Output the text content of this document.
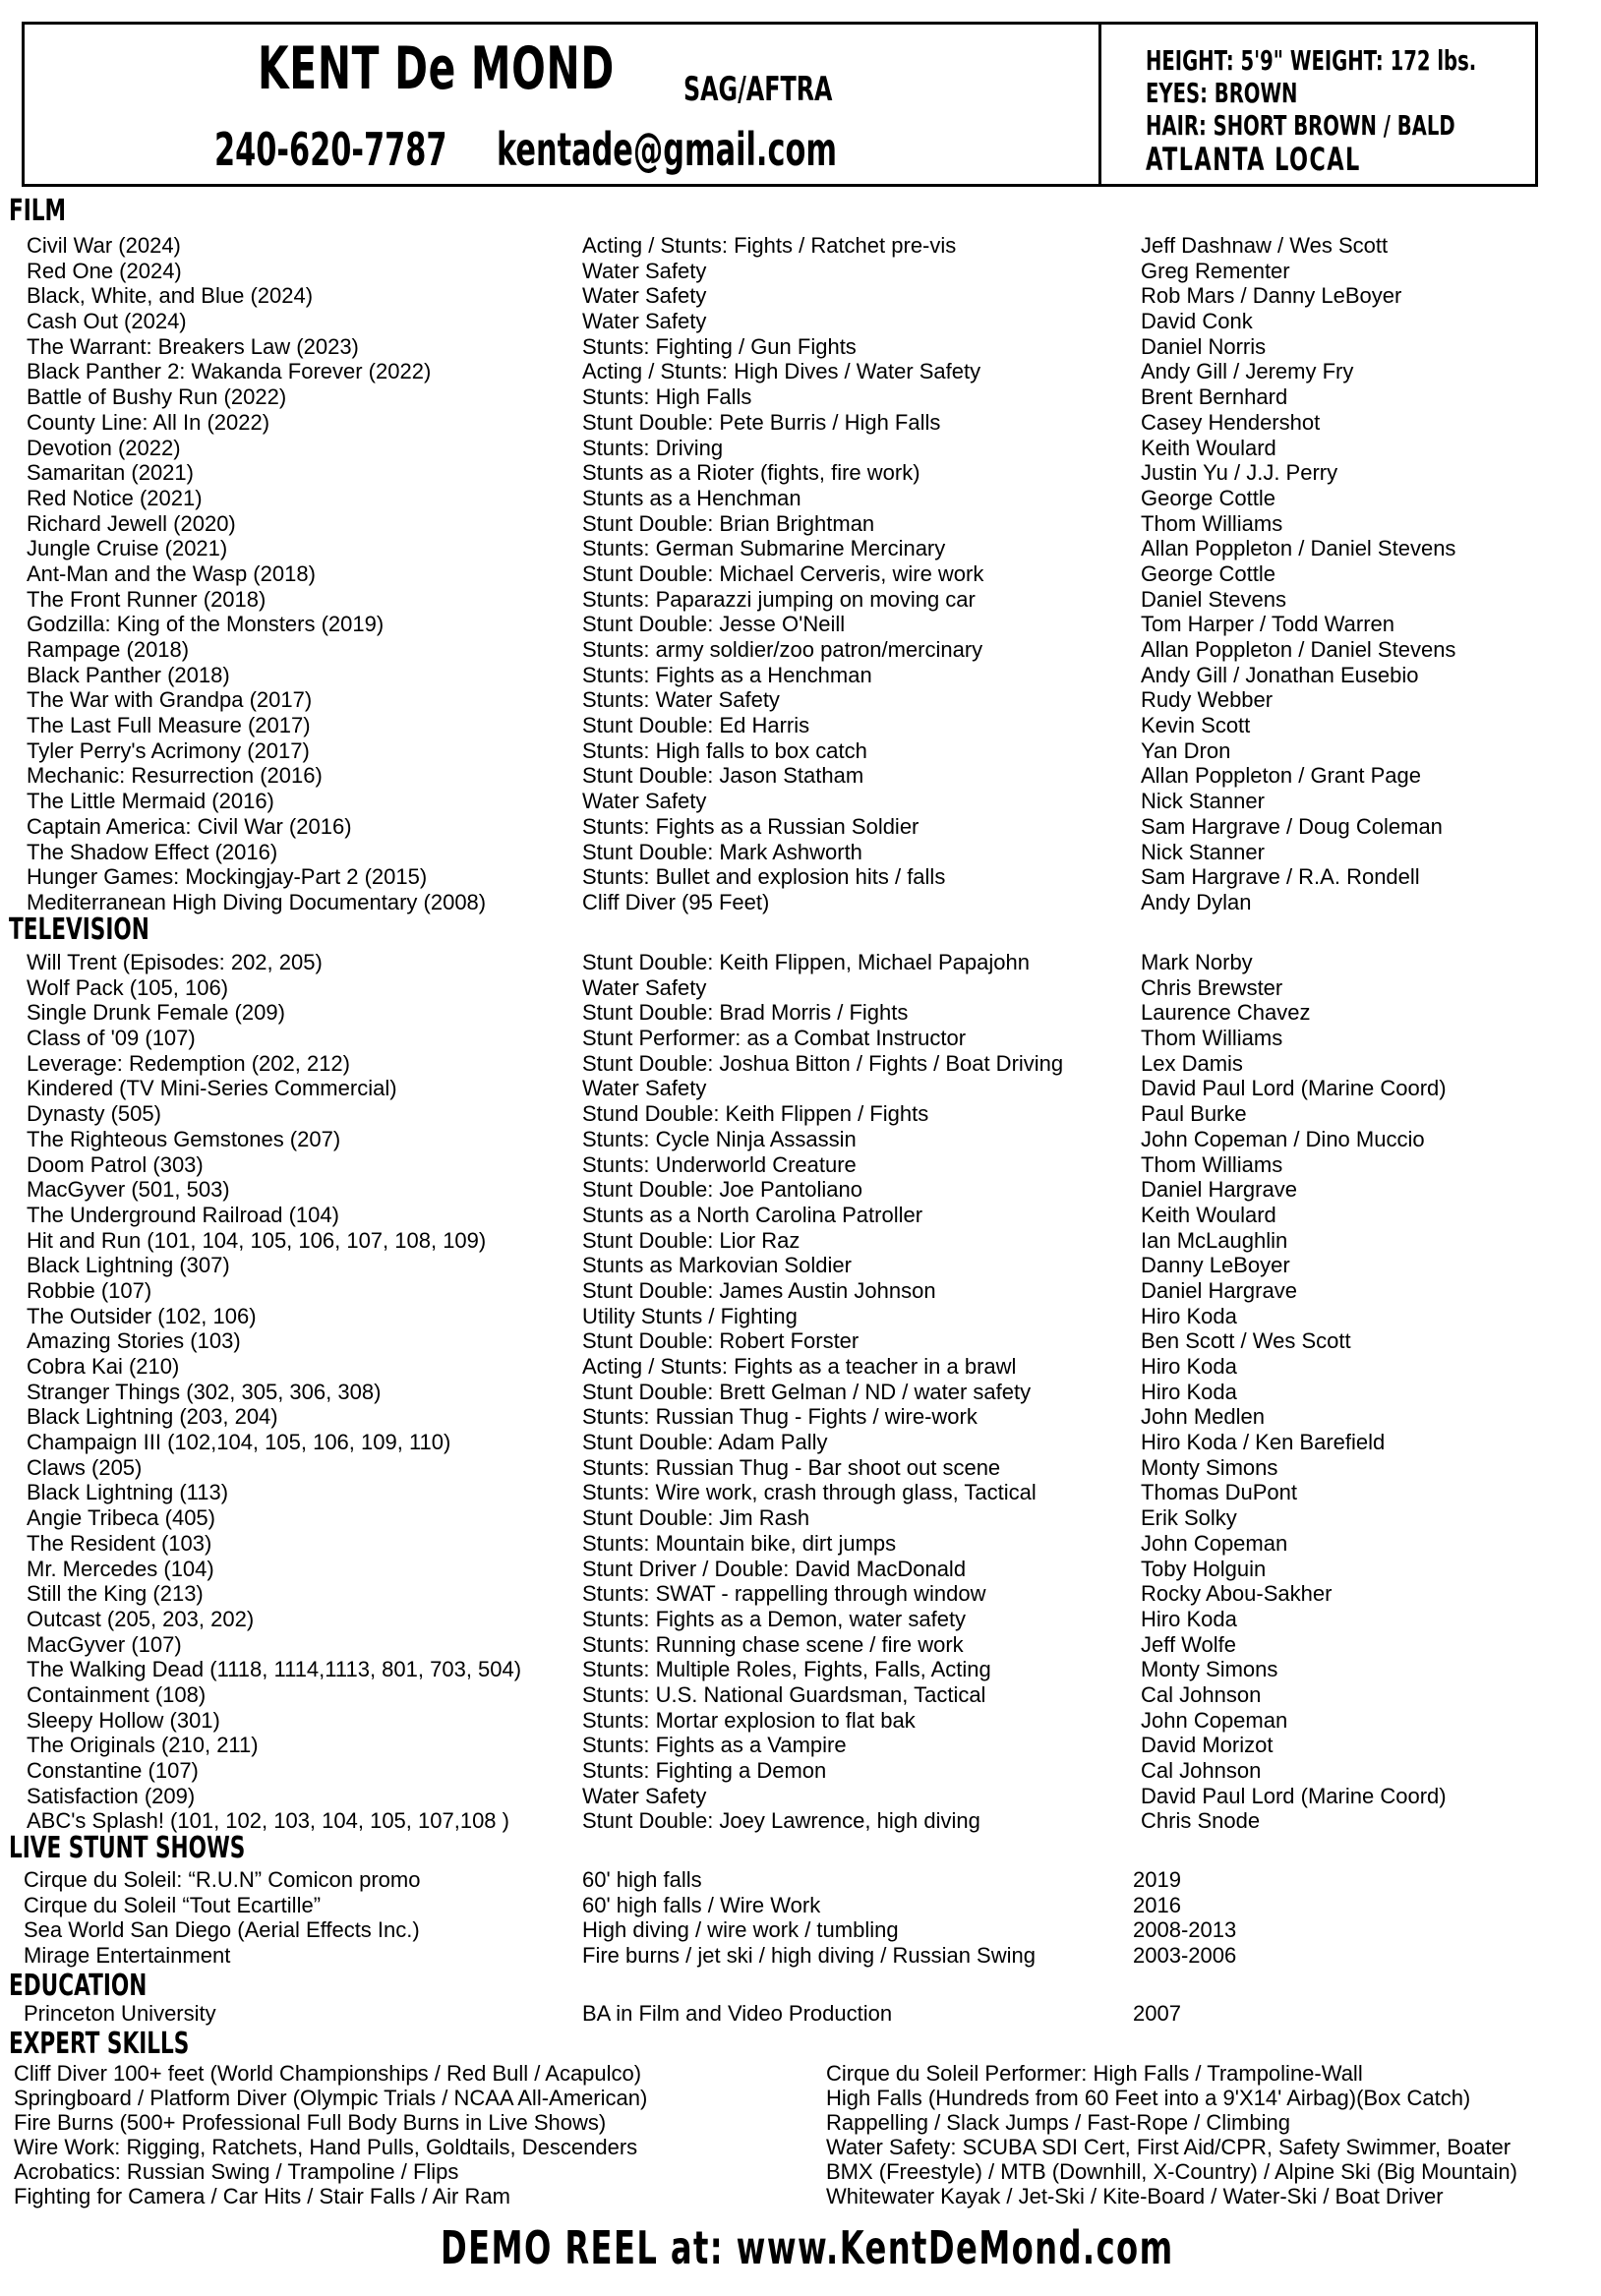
KENT De MOND SAG/AFTRA
240-620-7787 kentade@gmail.com
HEIGHT: 5'9" WEIGHT: 172 lbs.
EYES: BROWN
HAIR: SHORT BROWN / BALD
ATLANTA LOCAL
FILM
Civil War (2024)	Acting / Stunts: Fights / Ratchet pre-vis	Jeff Dashnaw / Wes Scott
Red One (2024)	Water Safety	Greg Rementer
Black, White, and Blue (2024)	Water Safety	Rob Mars / Danny LeBoyer
Cash Out (2024)	Water Safety	David Conk
The Warrant: Breakers Law (2023)	Stunts: Fighting / Gun Fights	Daniel Norris
Black Panther 2: Wakanda Forever (2022)	Acting / Stunts: High Dives / Water Safety	Andy Gill / Jeremy Fry
Battle of Bushy Run (2022)	Stunts: High Falls	Brent Bernhard
County Line: All In (2022)	Stunt Double: Pete Burris / High Falls	Casey Hendershot
Devotion (2022)	Stunts: Driving	Keith Woulard
Samaritan (2021)	Stunts as a Rioter (fights, fire work)	Justin Yu / J.J. Perry
Red Notice (2021)	Stunts as a Henchman	George Cottle
Richard Jewell (2020)	Stunt Double: Brian Brightman	Thom Williams
Jungle Cruise (2021)	Stunts: German Submarine Mercinary	Allan Poppleton / Daniel Stevens
Ant-Man and the Wasp (2018)	Stunt Double: Michael Cerveris, wire work	George Cottle
The Front Runner (2018)	Stunts: Paparazzi jumping on moving car	Daniel Stevens
Godzilla: King of the Monsters (2019)	Stunt Double: Jesse O'Neill	Tom Harper / Todd Warren
Rampage (2018)	Stunts: army soldier/zoo patron/mercinary	Allan Poppleton / Daniel Stevens
Black Panther (2018)	Stunts: Fights as a Henchman	Andy Gill / Jonathan Eusebio
The War with Grandpa (2017)	Stunts: Water Safety	Rudy Webber
The Last Full Measure (2017)	Stunt Double: Ed Harris	Kevin Scott
Tyler Perry's Acrimony (2017)	Stunts: High falls to box catch	Yan Dron
Mechanic: Resurrection (2016)	Stunt Double: Jason Statham	Allan Poppleton / Grant Page
The Little Mermaid (2016)	Water Safety	Nick Stanner
Captain America: Civil War (2016)	Stunts: Fights as a Russian Soldier	Sam Hargrave / Doug Coleman
The Shadow Effect (2016)	Stunt Double: Mark Ashworth	Nick Stanner
Hunger Games: Mockingjay-Part 2 (2015)	Stunts: Bullet and explosion hits / falls	Sam Hargrave / R.A. Rondell
Mediterranean High Diving Documentary (2008)	Cliff Diver (95 Feet)	Andy Dylan
TELEVISION
Will Trent (Episodes: 202, 205)	Stunt Double: Keith Flippen, Michael Papajohn	Mark Norby
Wolf Pack (105, 106)	Water Safety	Chris Brewster
Single Drunk Female (209)	Stunt Double: Brad Morris / Fights	Laurence Chavez
Class of '09 (107)	Stunt Performer: as a Combat Instructor	Thom Williams
Leverage: Redemption (202, 212)	Stunt Double: Joshua Bitton / Fights / Boat Driving	Lex Damis
Kindered (TV Mini-Series Commercial)	Water Safety	David Paul Lord (Marine Coord)
Dynasty (505)	Stund Double: Keith Flippen / Fights	Paul Burke
The Righteous Gemstones (207)	Stunts: Cycle Ninja Assassin	John Copeman / Dino Muccio
Doom Patrol (303)	Stunts: Underworld Creature	Thom Williams
MacGyver (501, 503)	Stunt Double: Joe Pantoliano	Daniel Hargrave
The Underground Railroad (104)	Stunts as a North Carolina Patroller	Keith Woulard
Hit and Run (101, 104, 105, 106, 107, 108, 109)	Stunt Double: Lior Raz	Ian McLaughlin
Black Lightning (307)	Stunts as Markovian Soldier	Danny LeBoyer
Robbie (107)	Stunt Double: James Austin Johnson	Daniel Hargrave
The Outsider (102, 106)	Utility Stunts / Fighting	Hiro Koda
Amazing Stories (103)	Stunt Double: Robert Forster	Ben Scott / Wes Scott
Cobra Kai (210)	Acting / Stunts: Fights as a teacher in a brawl	Hiro Koda
Stranger Things (302, 305, 306, 308)	Stunt Double: Brett Gelman / ND / water safety	Hiro Koda
Black Lightning (203, 204)	Stunts: Russian Thug - Fights / wire-work	John Medlen
Champaign III (102,104, 105, 106, 109, 110)	Stunt Double: Adam Pally	Hiro Koda / Ken Barefield
Claws (205)	Stunts: Russian Thug - Bar shoot out scene	Monty Simons
Black Lightning (113)	Stunts: Wire work, crash through glass, Tactical	Thomas DuPont
Angie Tribeca (405)	Stunt Double: Jim Rash	Erik Solky
The Resident (103)	Stunts: Mountain bike, dirt jumps	John Copeman
Mr. Mercedes (104)	Stunt Driver / Double: David MacDonald	Toby Holguin
Still the King (213)	Stunts: SWAT - rappelling through window	Rocky Abou-Sakher
Outcast (205, 203, 202)	Stunts: Fights as a Demon, water safety	Hiro Koda
MacGyver (107)	Stunts: Running chase scene / fire work	Jeff Wolfe
The Walking Dead (1118, 1114,1113, 801, 703, 504)	Stunts: Multiple Roles, Fights, Falls, Acting	Monty Simons
Containment (108)	Stunts: U.S. National Guardsman, Tactical	Cal Johnson
Sleepy Hollow (301)	Stunts: Mortar explosion to flat bak	John Copeman
The Originals (210, 211)	Stunts: Fights as a Vampire	David Morizot
Constantine (107)	Stunts: Fighting a Demon	Cal Johnson
Satisfaction (209)	Water Safety	David Paul Lord (Marine Coord)
ABC's Splash! (101, 102, 103, 104, 105, 107,108 )	Stunt Double: Joey Lawrence, high diving	Chris Snode
LIVE STUNT SHOWS
Cirque du Soleil: “R.U.N” Comicon promo	60' high falls	2019
Cirque du Soleil “Tout Ecartille”	60' high falls / Wire Work	2016
Sea World San Diego (Aerial Effects Inc.)	High diving / wire work / tumbling	2008-2013
Mirage Entertainment	Fire burns / jet ski / high diving / Russian Swing	2003-2006
EDUCATION
Princeton University	BA in Film and Video Production	2007
EXPERT SKILLS
Cliff Diver 100+ feet (World Championships / Red Bull / Acapulco)	Cirque du Soleil Performer: High Falls / Trampoline-Wall
Springboard / Platform Diver (Olympic Trials / NCAA All-American)	High Falls (Hundreds from 60 Feet into a 9'X14' Airbag)(Box Catch)
Fire Burns (500+ Professional Full Body Burns in Live Shows)	Rappelling / Slack Jumps / Fast-Rope / Climbing
Wire Work: Rigging, Ratchets, Hand Pulls, Goldtails, Descenders	Water Safety: SCUBA SDI Cert, First Aid/CPR, Safety Swimmer, Boater
Acrobatics: Russian Swing / Trampoline / Flips	BMX (Freestyle) / MTB (Downhill, X-Country) / Alpine Ski (Big Mountain)
Fighting for Camera / Car Hits / Stair Falls / Air Ram	Whitewater Kayak / Jet-Ski / Kite-Board / Water-Ski / Boat Driver
DEMO REEL at: www.KentDeMond.com
